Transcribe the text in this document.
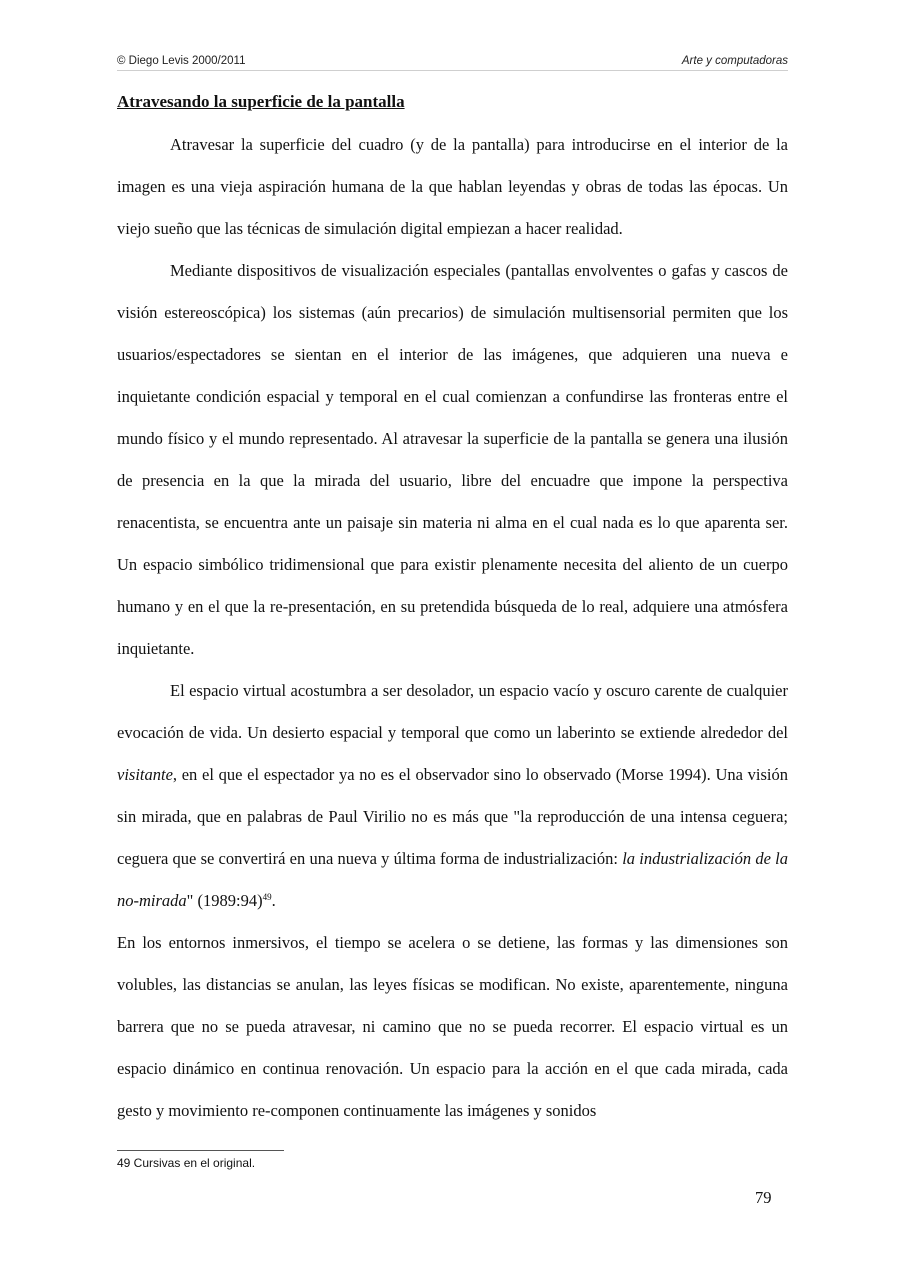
© Diego Levis 2000/2011	Arte y computadoras
Atravesando la superficie de la pantalla

Atravesar la superficie del cuadro (y de la pantalla) para introducirse en el interior de la imagen es una vieja aspiración humana de la que hablan leyendas y obras de todas las épocas. Un viejo sueño que las técnicas de simulación digital empiezan a hacer realidad.

Mediante dispositivos de visualización especiales (pantallas envolventes o gafas y cascos de visión estereoscópica) los sistemas (aún precarios) de simulación multisensorial permiten que los usuarios/espectadores se sientan en el interior de las imágenes, que adquieren una nueva e inquietante condición espacial y temporal en el cual comienzan a confundirse las fronteras entre el mundo físico y el mundo representado. Al atravesar la superficie de la pantalla se genera una ilusión de presencia en la que la mirada del usuario, libre del encuadre que impone la perspectiva renacentista, se encuentra ante un paisaje sin materia ni alma en el cual nada es lo que aparenta ser. Un espacio simbólico tridimensional que para existir plenamente necesita del aliento de un cuerpo humano y en el que la re-presentación, en su pretendida búsqueda de lo real, adquiere una atmósfera inquietante.

El espacio virtual acostumbra a ser desolador, un espacio vacío y oscuro carente de cualquier evocación de vida. Un desierto espacial y temporal que como un laberinto se extiende alrededor del visitante, en el que el espectador ya no es el observador sino lo observado (Morse 1994). Una visión sin mirada, que en palabras de Paul Virilio no es más que "la reproducción de una intensa ceguera; ceguera que se convertirá en una nueva y última forma de industrialización: la industrialización de la no-mirada" (1989:94)$^{49}$.

En los entornos inmersivos, el tiempo se acelera o se detiene, las formas y las dimensiones son volubles, las distancias se anulan, las leyes físicas se modifican. No existe, aparentemente, ninguna barrera que no se pueda atravesar, ni camino que no se pueda recorrer. El espacio virtual es un espacio dinámico en continua renovación. Un espacio para la acción en el que cada mirada, cada gesto y movimiento re-componen continuamente las imágenes y sonidos

49 Cursivas en el original.
79
